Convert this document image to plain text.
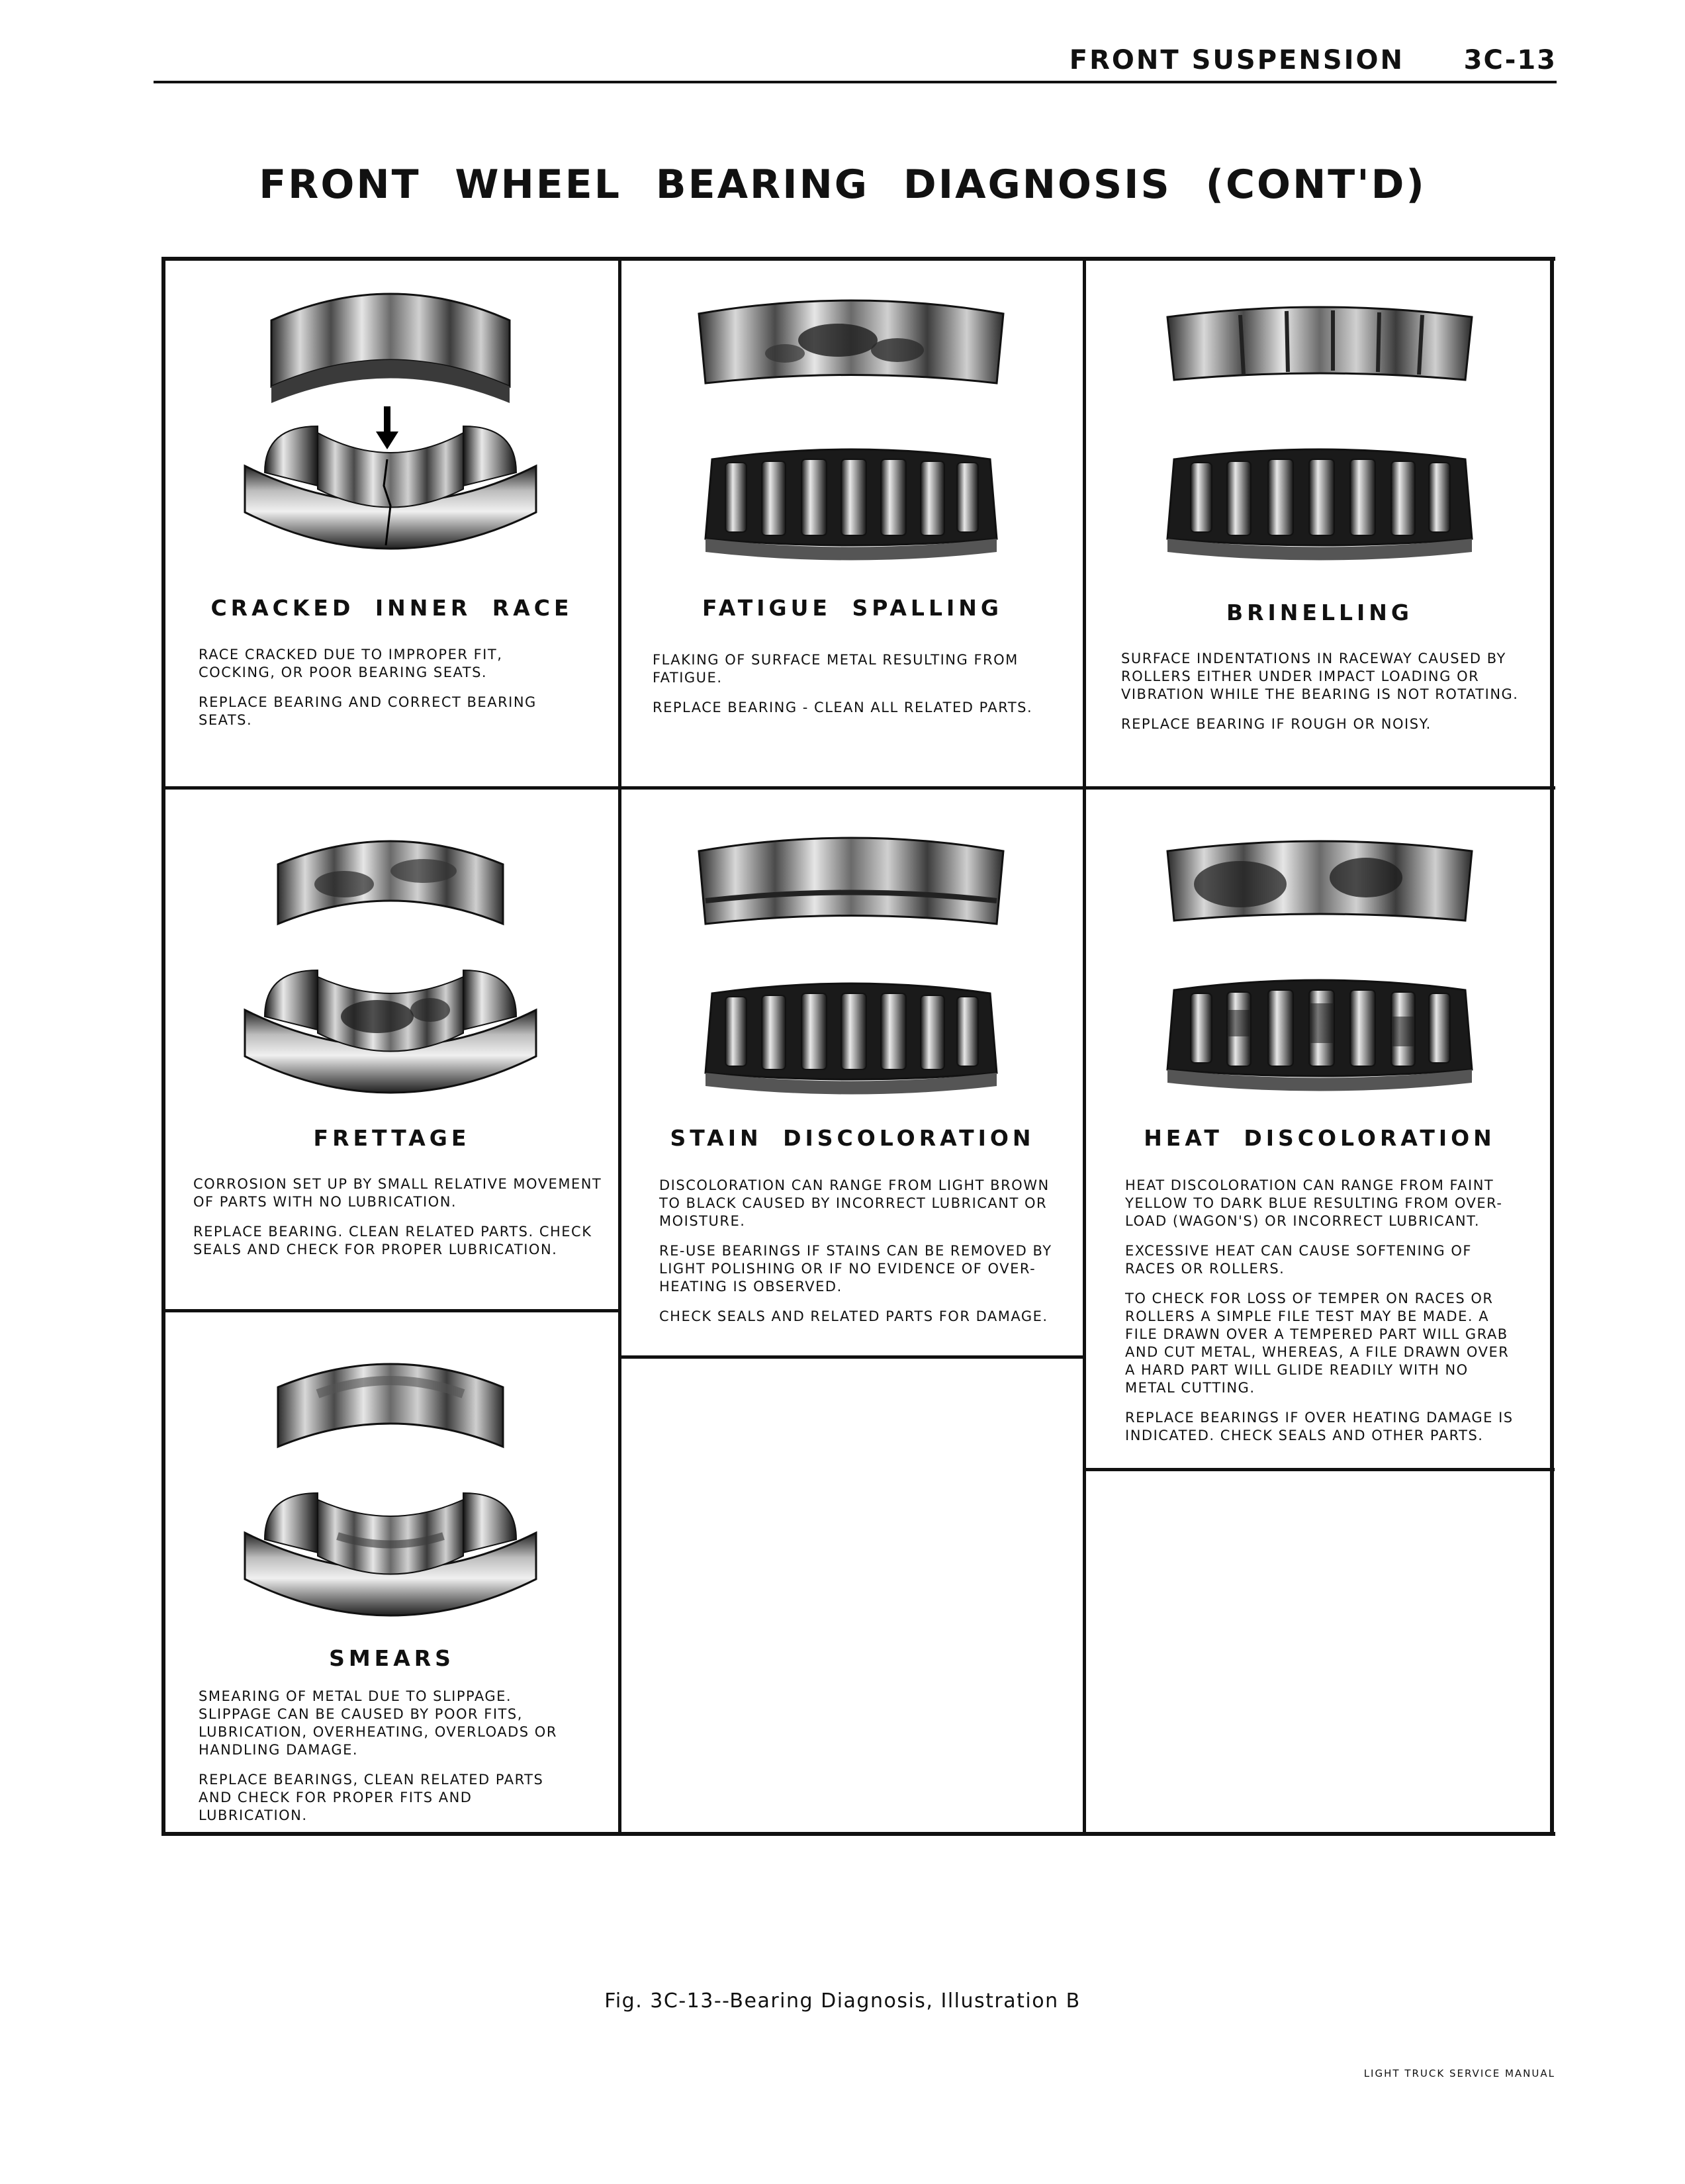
FRONT SUSPENSION 3C-13
FRONT WHEEL BEARING DIAGNOSIS (CONT'D)
CRACKED INNER RACE

RACE CRACKED DUE TO IMPROPER FIT, COCKING, OR POOR BEARING SEATS.

REPLACE BEARING AND CORRECT BEARING SEATS.

FATIGUE SPALLING

FLAKING OF SURFACE METAL RESULTING FROM FATIGUE.

REPLACE BEARING - CLEAN ALL RELATED PARTS.

BRINELLING

SURFACE INDENTATIONS IN RACEWAY CAUSED BY ROLLERS EITHER UNDER IMPACT LOADING OR VIBRATION WHILE THE BEARING IS NOT ROTATING.

REPLACE BEARING IF ROUGH OR NOISY.

FRETTAGE

CORROSION SET UP BY SMALL RELATIVE MOVEMENT OF PARTS WITH NO LUBRICATION.

REPLACE BEARING. CLEAN RELATED PARTS. CHECK SEALS AND CHECK FOR PROPER LUBRICATION.

STAIN DISCOLORATION

DISCOLORATION CAN RANGE FROM LIGHT BROWN TO BLACK CAUSED BY INCORRECT LUBRICANT OR MOISTURE.

RE-USE BEARINGS IF STAINS CAN BE REMOVED BY LIGHT POLISHING OR IF NO EVIDENCE OF OVER-HEATING IS OBSERVED.

CHECK SEALS AND RELATED PARTS FOR DAMAGE.

HEAT DISCOLORATION

HEAT DISCOLORATION CAN RANGE FROM FAINT YELLOW TO DARK BLUE RESULTING FROM OVER-LOAD (WAGON'S) OR INCORRECT LUBRICANT.

EXCESSIVE HEAT CAN CAUSE SOFTENING OF RACES OR ROLLERS.

TO CHECK FOR LOSS OF TEMPER ON RACES OR ROLLERS A SIMPLE FILE TEST MAY BE MADE. A FILE DRAWN OVER A TEMPERED PART WILL GRAB AND CUT METAL, WHEREAS, A FILE DRAWN OVER A HARD PART WILL GLIDE READILY WITH NO METAL CUTTING.

REPLACE BEARINGS IF OVER HEATING DAMAGE IS INDICATED. CHECK SEALS AND OTHER PARTS.

SMEARS

SMEARING OF METAL DUE TO SLIPPAGE. SLIPPAGE CAN BE CAUSED BY POOR FITS, LUBRICATION, OVERHEATING, OVERLOADS OR HANDLING DAMAGE.

REPLACE BEARINGS, CLEAN RELATED PARTS AND CHECK FOR PROPER FITS AND LUBRICATION.

Fig. 3C-13--Bearing Diagnosis, Illustration B
LIGHT TRUCK SERVICE MANUAL
